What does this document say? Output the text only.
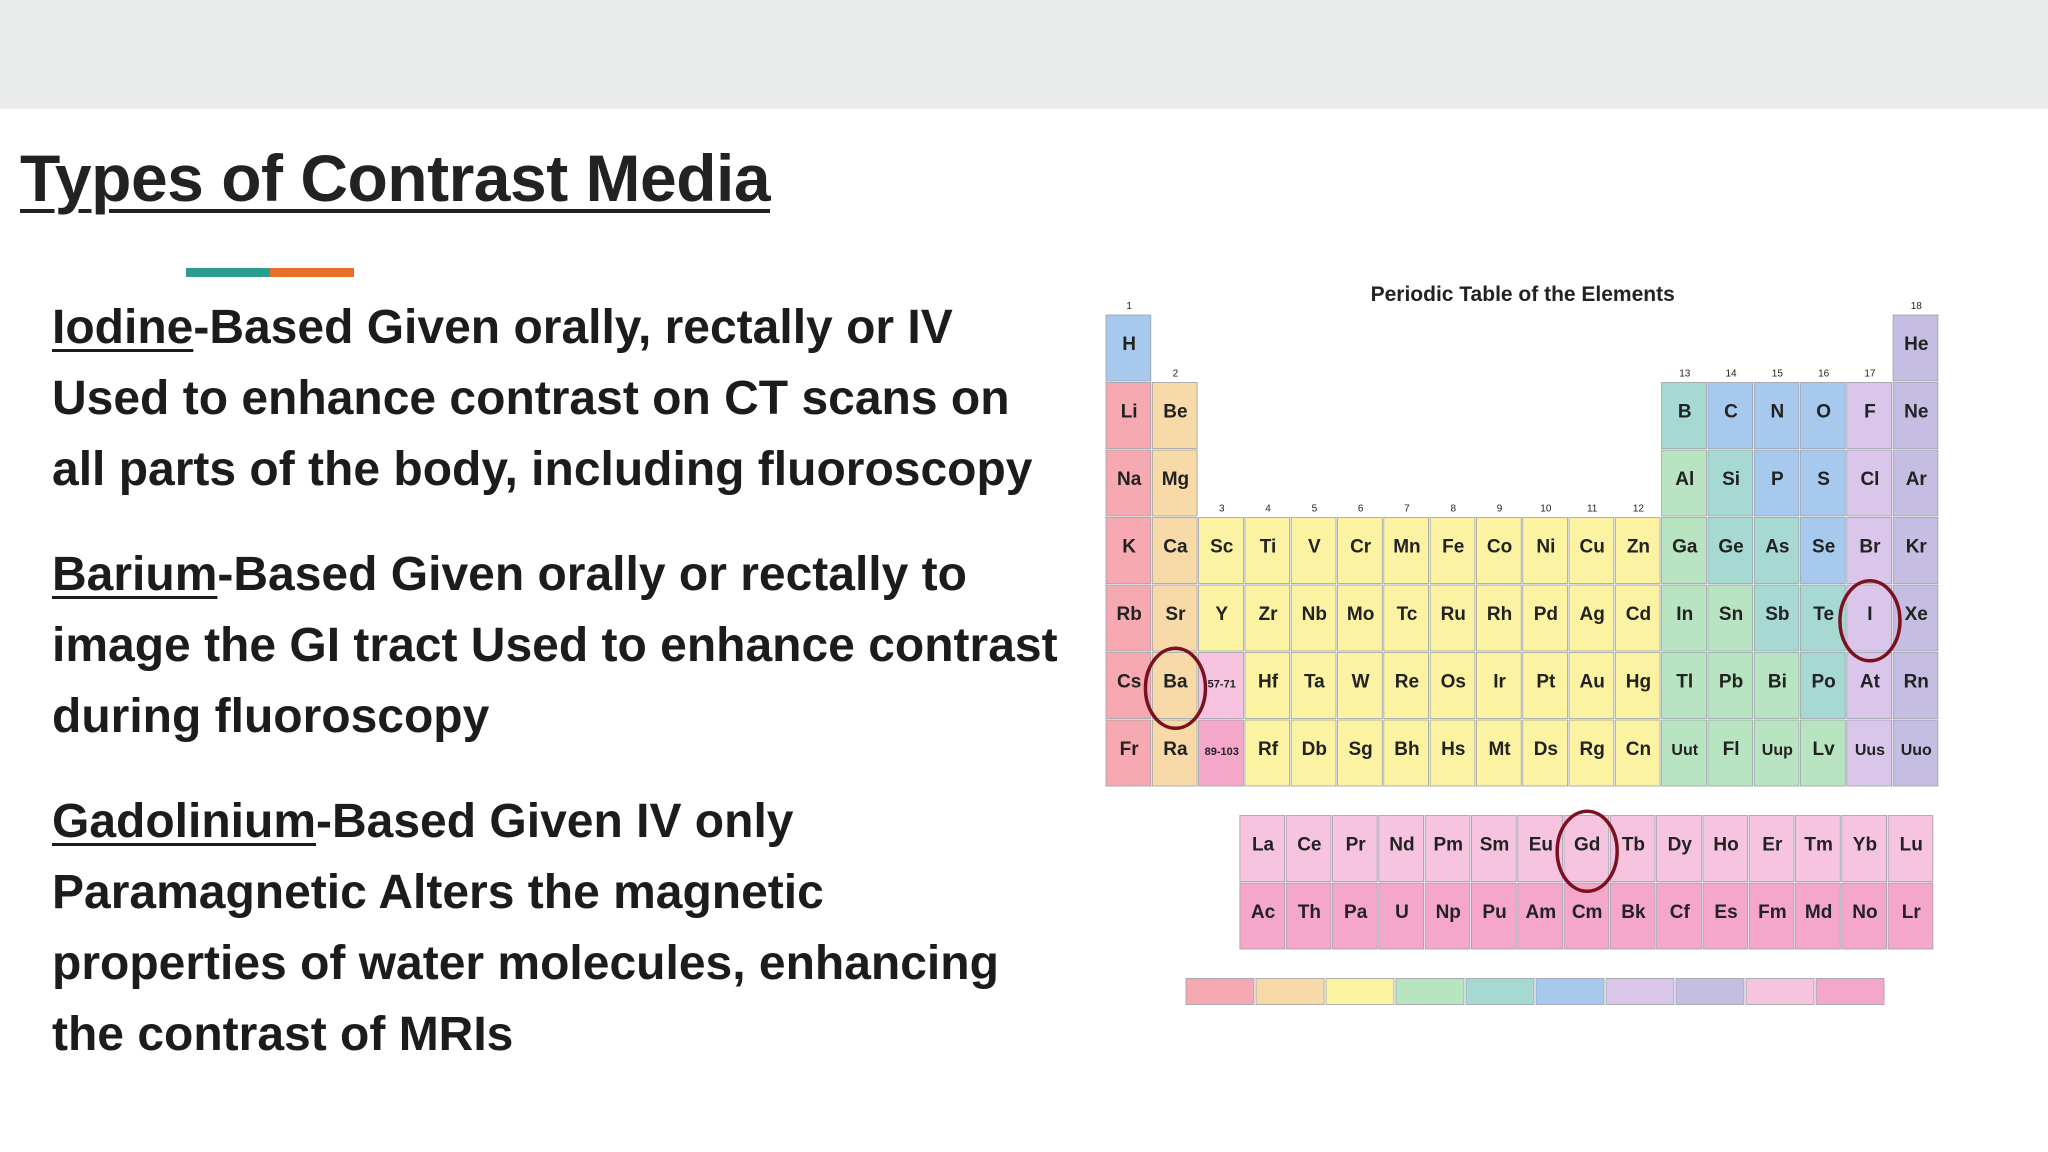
Types of Contrast Media

Iodine-Based Given orally, rectally or IV Used to enhance contrast on CT scans on all parts of the body, including fluoroscopy

Barium-Based Given orally or rectally to image the GI tract Used to enhance contrast during fluoroscopy

Gadolinium-Based Given IV only Paramagnetic Alters the magnetic properties of water molecules, enhancing the contrast of MRIs

Periodic Table of the Elements
1
2
3	4	5	6	7	8	9	10	11	12
13	14	15	16	17
18
H	He
Li Be	B C N O F Ne
Na Mg	Al Si P S Cl Ar
K Ca Sc Ti V Cr Mn Fe Co Ni Cu Zn Ga Ge As Se Br Kr
Rb Sr Y Zr Nb Mo Tc Ru Rh Pd Ag Cd In Sn Sb Te I Xe
Cs Ba 57-71 Hf Ta W Re Os Ir Pt Au Hg Tl Pb Bi Po At Rn
Fr Ra 89-103 Rf Db Sg Bh Hs Mt Ds Rg Cn Uut Fl Uup Lv Uus Uuo
La Ce Pr Nd Pm Sm Eu Gd Tb Dy Ho Er Tm Yb Lu
Ac Th Pa U Np Pu Am Cm Bk Cf Es Fm Md No Lr
